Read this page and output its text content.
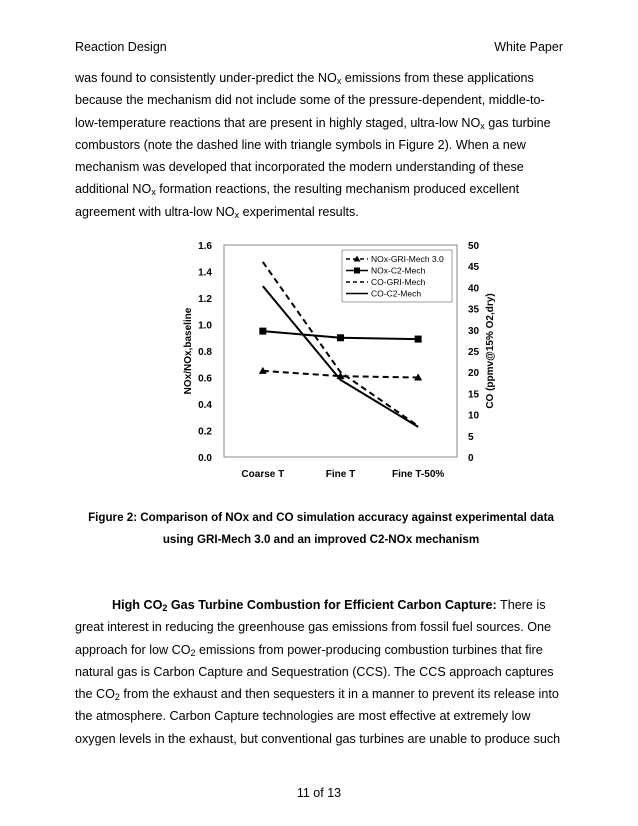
Reaction Design	White Paper
was found to consistently under-predict the $NO_x$ emissions from these applications
because the mechanism did not include some of the pressure-dependent, middle-to-
low-temperature reactions that are present in highly staged, ultra-low $NO_x$ gas turbine
combustors (note the dashed line with triangle symbols in Figure 2). When a new
mechanism was developed that incorporated the modern understanding of these
additional $NO_x$ formation reactions, the resulting mechanism produced excellent
agreement with ultra-low $NO_x$ experimental results.
0.0
0.2
0.4
0.6
0.8
1.0
1.2
1.4
1.6
0
5
10
15
20
25
30
35
40
45
50
Coarse T	Fine T	Fine T-50%
NOx/NOx,baseline	CO (ppmv@15% O2,dry)
NOx-GRI-Mech 3.0
NOx-C2-Mech
CO-GRI-Mech
CO-C2-Mech
Figure 2: Comparison of NOx and CO simulation accuracy against experimental data
using GRI-Mech 3.0 and an improved C2-NOx mechanism
High $CO_2$ Gas Turbine Combustion for Efficient Carbon Capture: There is
great interest in reducing the greenhouse gas emissions from fossil fuel sources. One
approach for low $CO_2$ emissions from power-producing combustion turbines that fire
natural gas is Carbon Capture and Sequestration (CCS). The CCS approach captures
the $CO_2$ from the exhaust and then sequesters it in a manner to prevent its release into
the atmosphere. Carbon Capture technologies are most effective at extremely low
oxygen levels in the exhaust, but conventional gas turbines are unable to produce such
11 of 13
